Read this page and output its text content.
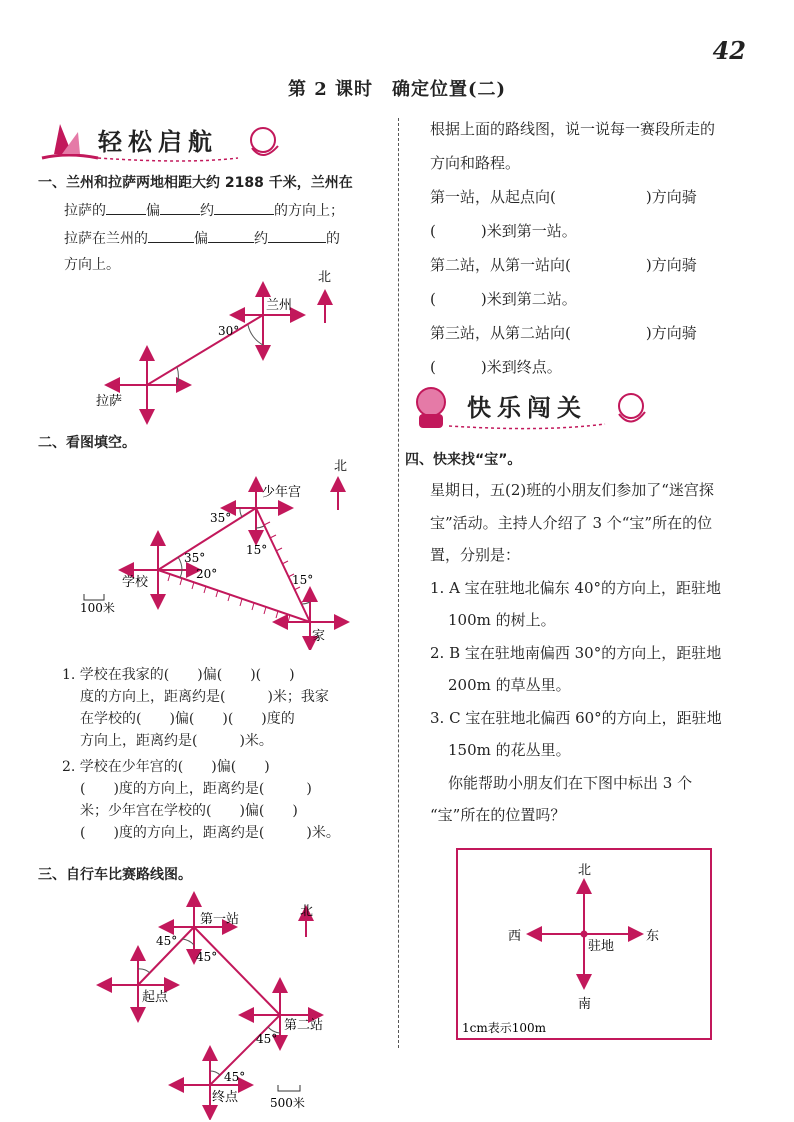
42
第 2 课时　确定位置(二)
轻松启航
一、兰州和拉萨两地相距大约 2188 千米，兰州在
拉萨的	偏	约	的方向上；
拉萨在兰州的	偏	约	的
方向上。
北
兰州
30°
拉萨
二、看图填空。
北
少年宫
35°
35°
20°
15°
15°
学校
家
100米
1. 学校在我家的(　　)偏(　　)(　　)
度的方向上，距离约是(　　　)米；我家
在学校的(　　)偏(　　)(　　)度的
方向上，距离约是(　　　)米。
2. 学校在少年宫的(　　)偏(　　)
(　　)度的方向上，距离约是(　　　)
米；少年宫在学校的(　　)偏(　　)
(　　)度的方向上，距离约是(　　　)米。
三、自行车比赛路线图。
北
第一站
45°
45°
起点
第二站
45°
45°
终点	500米
根据上面的路线图，说一说每一赛段所走的
方向和路程。
第一站，从起点向(　　　　　　)方向骑
(　　　)米到第一站。
第二站，从第一站向(　　　　　)方向骑
(　　　)米到第二站。
第三站，从第二站向(　　　　　)方向骑
(　　　)米到终点。
快乐闯关
四、快来找“宝”。
星期日，五(2)班的小朋友们参加了“迷宫探
宝”活动。主持人介绍了 3 个“宝”所在的位
置，分别是：
1. A 宝在驻地北偏东 40°的方向上，距驻地
100m 的树上。
2. B 宝在驻地南偏西 30°的方向上，距驻地
200m 的草丛里。
3. C 宝在驻地北偏西 60°的方向上，距驻地
150m 的花丛里。
你能帮助小朋友们在下图中标出 3 个
“宝”所在的位置吗？
北
南
西	东
驻地
1cm表示100m
